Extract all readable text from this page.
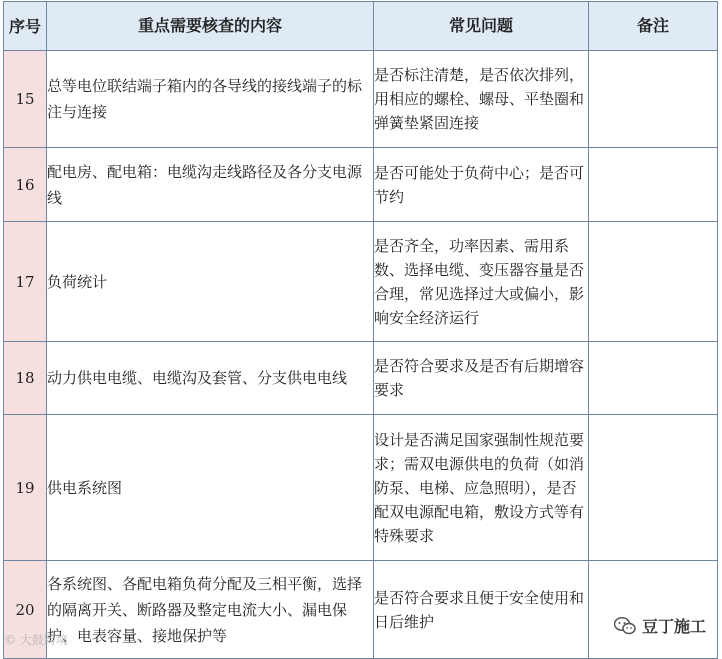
序号	重点需要核查的内容	常见问题	备注
15	总等电位联结端子箱内的各导线的接线端子的标注与连接	是否标注清楚，是否依次排列，用相应的螺栓、螺母、平垫圈和弹簧垫紧固连接	
16	配电房、配电箱：电缆沟走线路径及各分支电源线	是否可能处于负荷中心；是否可节约	
17	负荷统计	是否齐全，功率因素、需用系数、选择电缆、变压器容量是否合理，常见选择过大或偏小，影响安全经济运行	
18	动力供电电缆、电缆沟及套管、分支供电电线	是否符合要求及是否有后期增容要求	
19	供电系统图	设计是否满足国家强制性规范要求；需双电源供电的负荷（如消防泵、电梯、应急照明），是否配双电源配电箱，敷设方式等有特殊要求	
20	各系统图、各配电箱负荷分配及三相平衡，选择的隔离开关、断路器及整定电流大小、漏电保护、电表容量、接地保护等	是否符合要求且便于安全使用和日后维护	
© 大鼓跨境
豆丁施工
